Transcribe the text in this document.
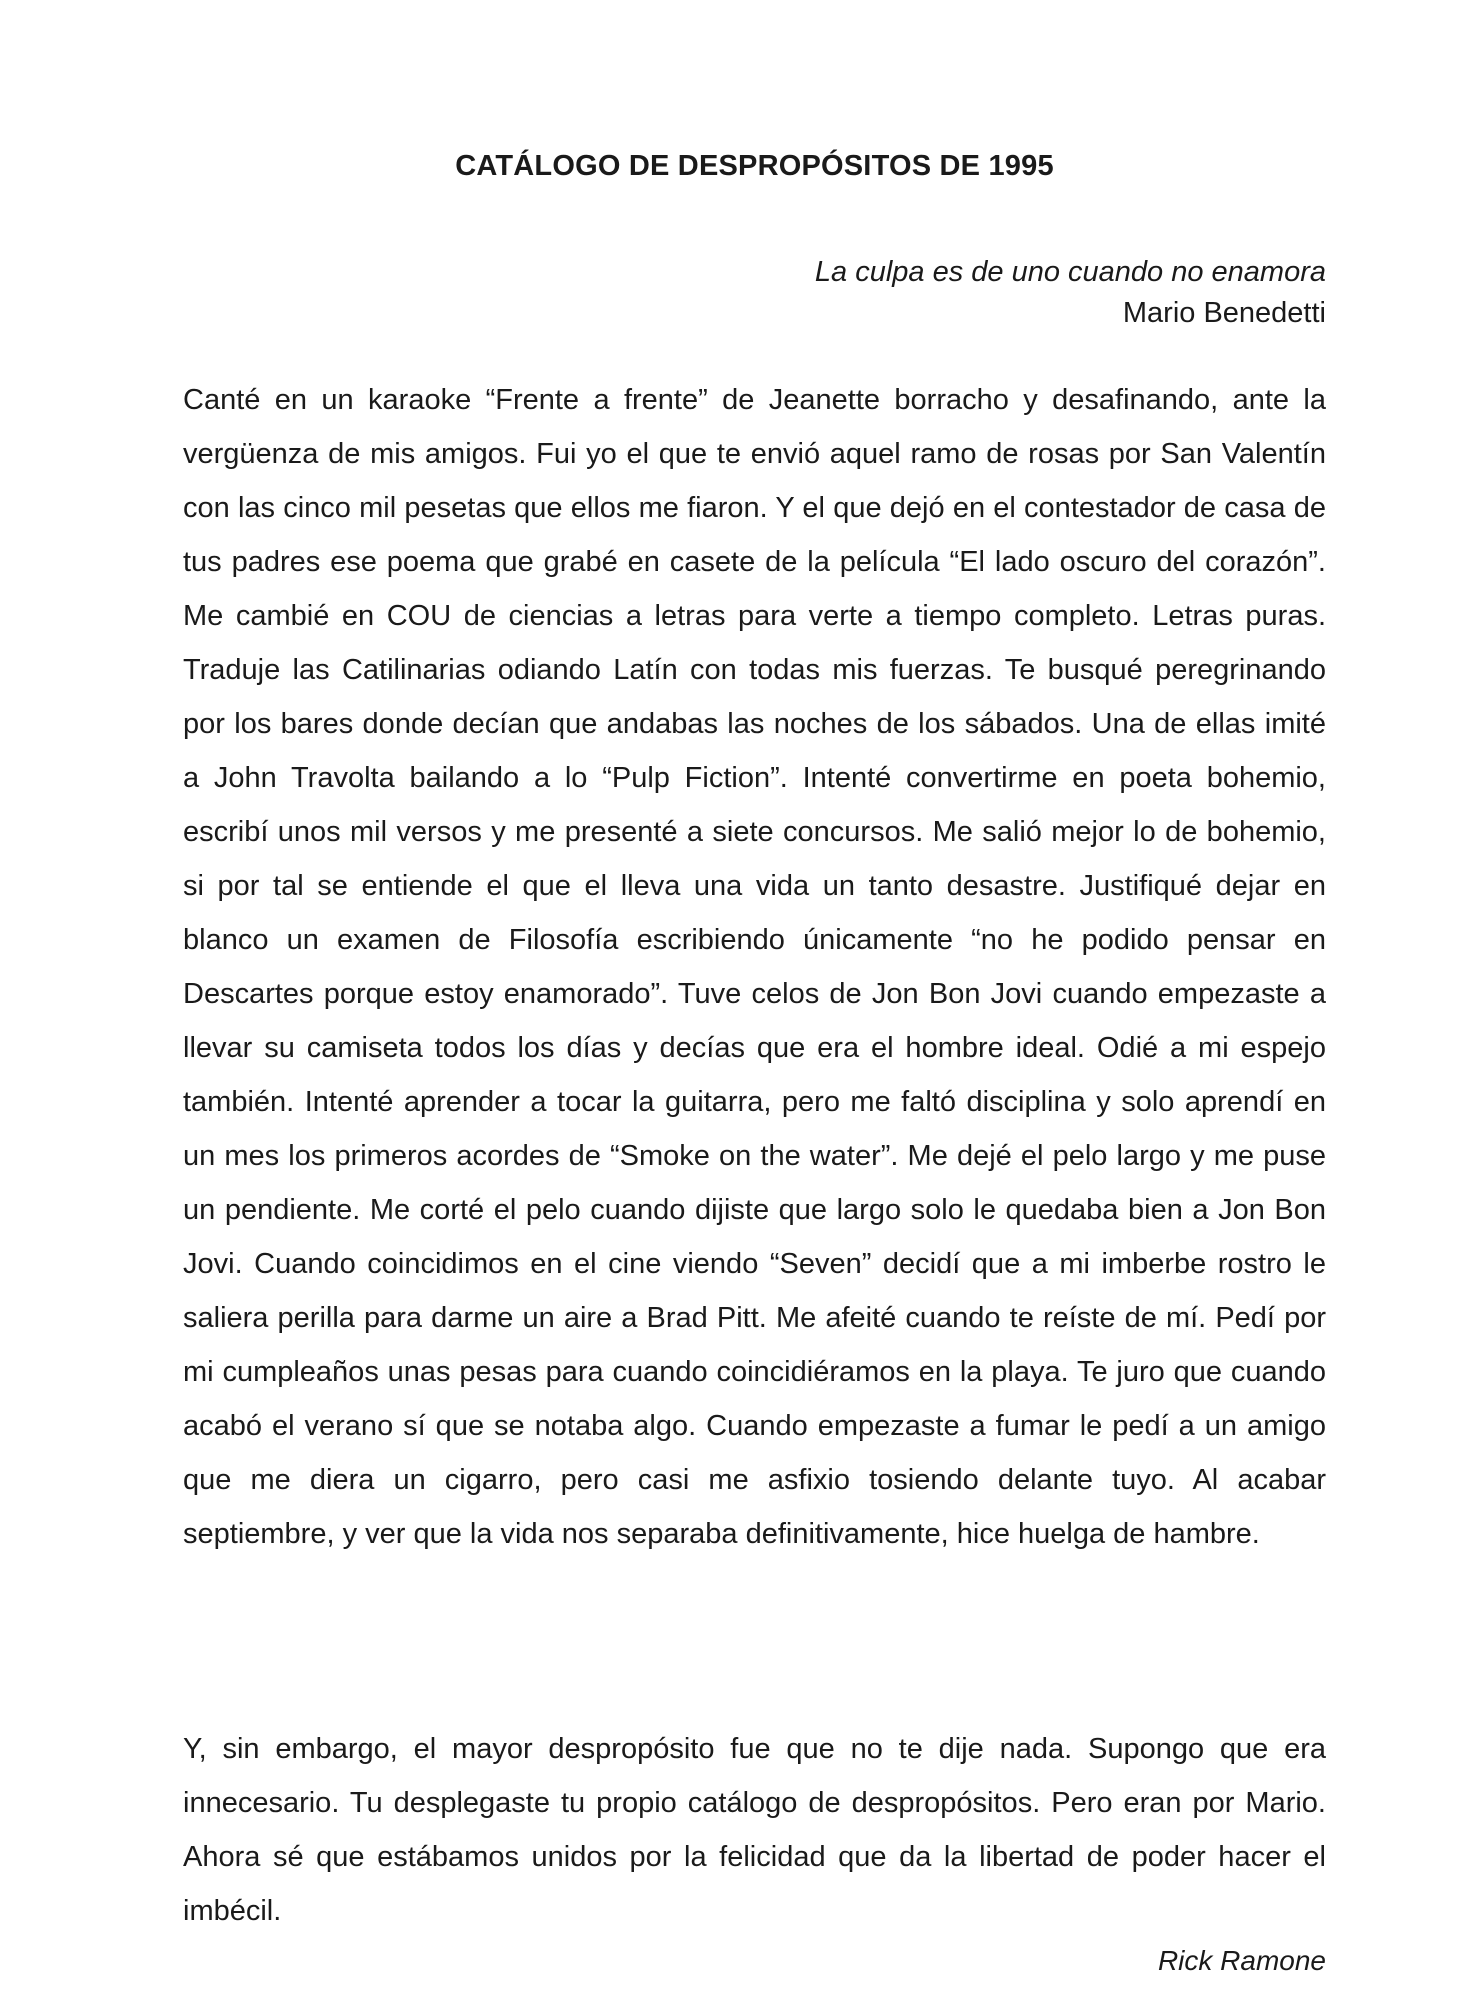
CATÁLOGO DE DESPROPÓSITOS DE 1995
La culpa es de uno cuando no enamora
Mario Benedetti

Canté en un karaoke “Frente a frente” de Jeanette borracho y desafinando, ante la vergüenza de mis amigos. Fui yo el que te envió aquel ramo de rosas por San Valentín con las cinco mil pesetas que ellos me fiaron. Y el que dejó en el contestador de casa de tus padres ese poema que grabé en casete de la película “El lado oscuro del corazón”. Me cambié en COU de ciencias a letras para verte a tiempo completo. Letras puras. Traduje las Catilinarias odiando Latín con todas mis fuerzas. Te busqué peregrinando por los bares donde decían que andabas las noches de los sábados. Una de ellas imité a John Travolta bailando a lo “Pulp Fiction”. Intenté convertirme en poeta bohemio, escribí unos mil versos y me presenté a siete concursos. Me salió mejor lo de bohemio, si por tal se entiende el que el lleva una vida un tanto desastre. Justifiqué dejar en blanco un examen de Filosofía escribiendo únicamente “no he podido pensar en Descartes porque estoy enamorado”. Tuve celos de Jon Bon Jovi cuando empezaste a llevar su camiseta todos los días y decías que era el hombre ideal. Odié a mi espejo también. Intenté aprender a tocar la guitarra, pero me faltó disciplina y solo aprendí en un mes los primeros acordes de “Smoke on the water”. Me dejé el pelo largo y me puse un pendiente. Me corté el pelo cuando dijiste que largo solo le quedaba bien a Jon Bon Jovi. Cuando coincidimos en el cine viendo “Seven” decidí que a mi imberbe rostro le saliera perilla para darme un aire a Brad Pitt. Me afeité cuando te reíste de mí. Pedí por mi cumpleaños unas pesas para cuando coincidiéramos en la playa. Te juro que cuando acabó el verano sí que se notaba algo. Cuando empezaste a fumar le pedí a un amigo que me diera un cigarro, pero casi me asfixio tosiendo delante tuyo. Al acabar septiembre, y ver que la vida nos separaba definitivamente, hice huelga de hambre.

Y, sin embargo, el mayor despropósito fue que no te dije nada. Supongo que era innecesario. Tu desplegaste tu propio catálogo de despropósitos. Pero eran por Mario. Ahora sé que estábamos unidos por la felicidad que da la libertad de poder hacer el imbécil.

Rick Ramone
